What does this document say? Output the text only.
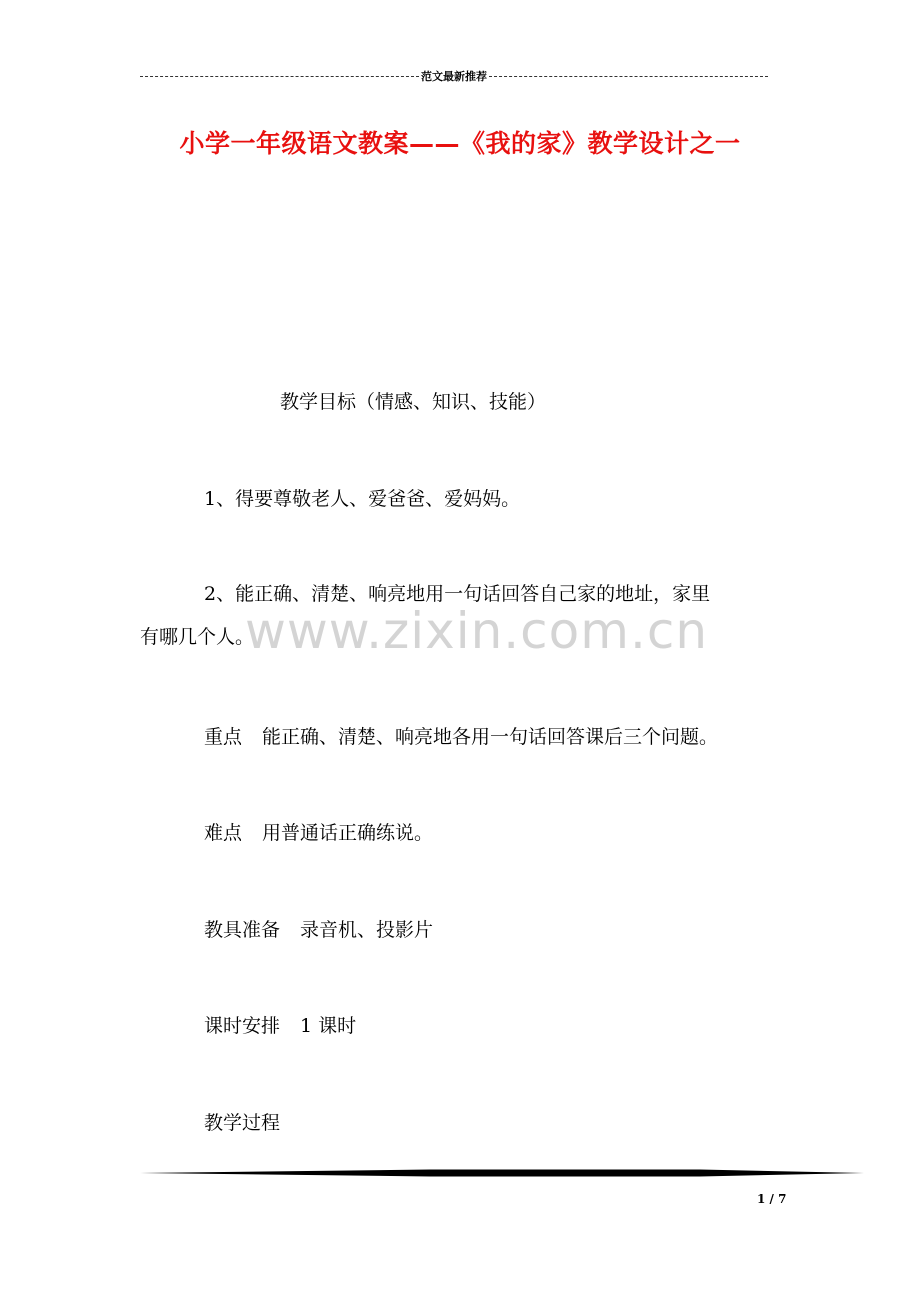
范文最新推荐
小学一年级语文教案——《我的家》教学设计之一
www.zixin.com.cn
教学目标（情感、知识、技能）
1、得要尊敬老人、爱爸爸、爱妈妈。
2、能正确、清楚、响亮地用一句话回答自己家的地址，家里
有哪几个人。
重点 能正确、清楚、响亮地各用一句话回答课后三个问题。
难点 用普通话正确练说。
教具准备 录音机、投影片
课时安排 1 课时
教学过程
1 / 7
